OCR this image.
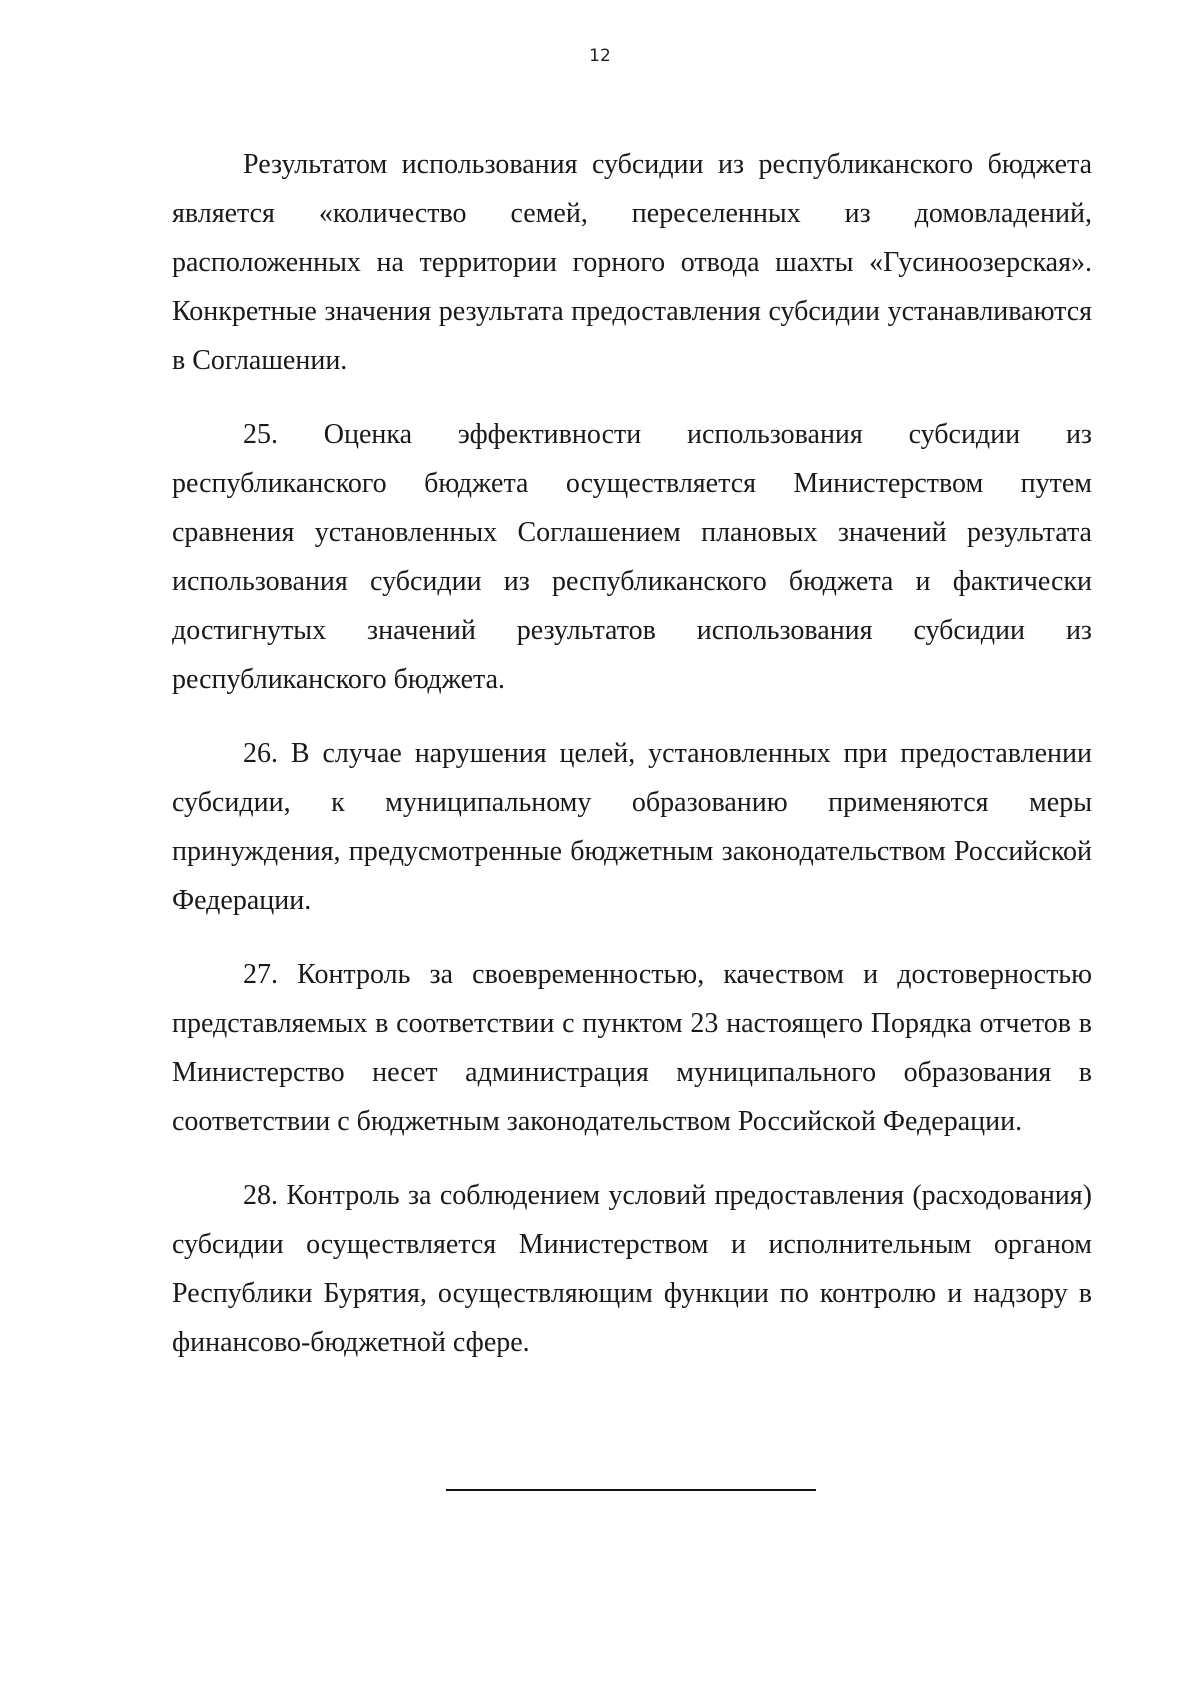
12

Результатом использования субсидии из республиканского бюджета является «количество семей, переселенных из домовладений, расположенных на территории горного отвода шахты «Гусиноозерская». Конкретные значения результата предоставления субсидии устанавливаются в Соглашении.

25. Оценка эффективности использования субсидии из республиканского бюджета осуществляется Министерством путем сравнения установленных Соглашением плановых значений результата использования субсидии из республиканского бюджета и фактически достигнутых значений результатов использования субсидии из республиканского бюджета.

26. В случае нарушения целей, установленных при предоставлении субсидии, к муниципальному образованию применяются меры принуждения, предусмотренные бюджетным законодательством Российской Федерации.

27. Контроль за своевременностью, качеством и достоверностью представляемых в соответствии с пунктом 23 настоящего Порядка отчетов в Министерство несет администрация муниципального образования в соответствии с бюджетным законодательством Российской Федерации.

28. Контроль за соблюдением условий предоставления (расходования) субсидии осуществляется Министерством и исполнительным органом Республики Бурятия, осуществляющим функции по контролю и надзору в финансово-бюджетной сфере.
